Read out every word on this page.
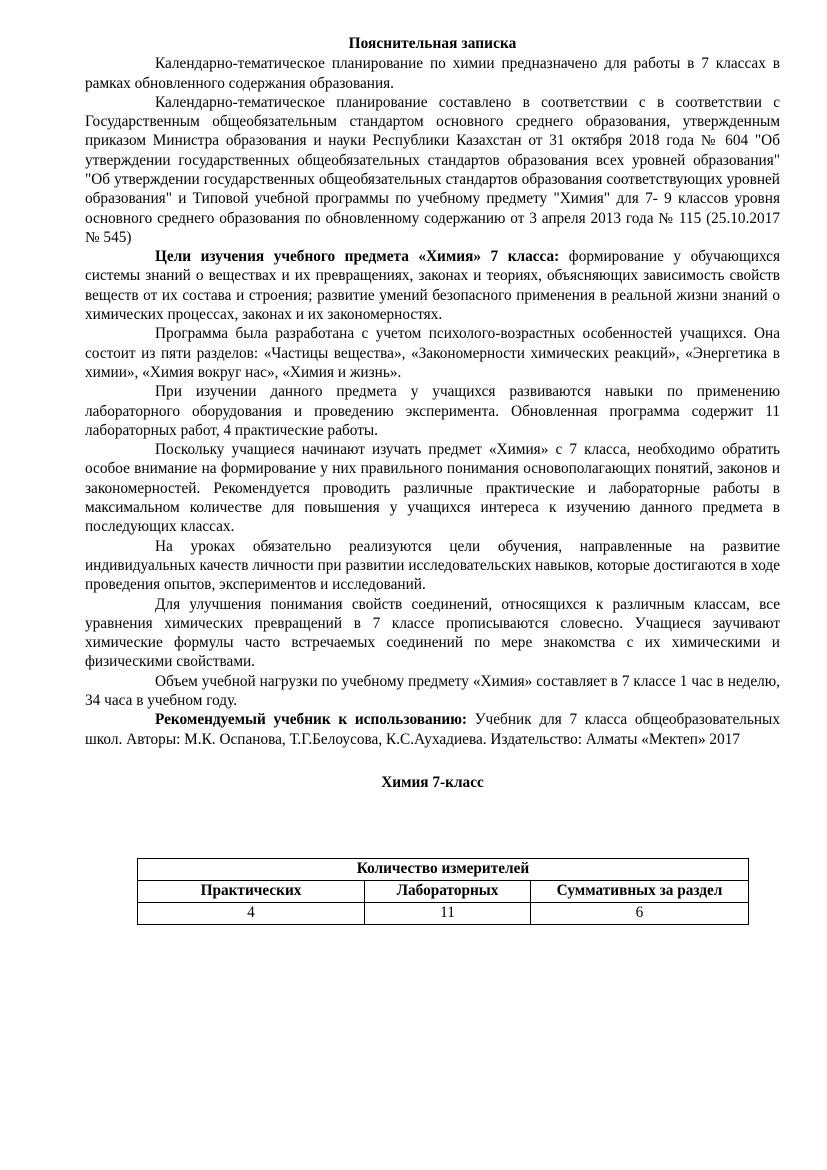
Пояснительная записка

Календарно-тематическое планирование по химии предназначено для работы в 7 классах в рамках обновленного содержания образования.

Календарно-тематическое планирование составлено в соответствии с в соответствии с Государственным общеобязательным стандартом основного среднего образования, утвержденным приказом Министра образования и науки Республики Казахстан от 31 октября 2018 года № 604 "Об утверждении государственных общеобязательных стандартов образования всех уровней образования" "Об утверждении государственных общеобязательных стандартов образования соответствующих уровней образования" и Типовой учебной программы по учебному предмету "Химия" для 7- 9 классов уровня основного среднего образования по обновленному содержанию от 3 апреля 2013 года № 115 (25.10.2017 № 545)

Цели изучения учебного предмета «Химия» 7 класса: формирование у обучающихся системы знаний о веществах и их превращениях, законах и теориях, объясняющих зависимость свойств веществ от их состава и строения; развитие умений безопасного применения в реальной жизни знаний о химических процессах, законах и их закономерностях.

Программа была разработана с учетом психолого-возрастных особенностей учащихся. Она состоит из пяти разделов: «Частицы вещества», «Закономерности химических реакций», «Энергетика в химии», «Химия вокруг нас», «Химия и жизнь».

При изучении данного предмета у учащихся развиваются навыки по применению лабораторного оборудования и проведению эксперимента. Обновленная программа содержит 11 лабораторных работ, 4 практические работы.

Поскольку учащиеся начинают изучать предмет «Химия» с 7 класса, необходимо обратить особое внимание на формирование у них правильного понимания основополагающих понятий, законов и закономерностей. Рекомендуется проводить различные практические и лабораторные работы в максимальном количестве для повышения у учащихся интереса к изучению данного предмета в последующих классах.

На уроках обязательно реализуются цели обучения, направленные на развитие индивидуальных качеств личности при развитии исследовательских навыков, которые достигаются в ходе проведения опытов, экспериментов и исследований.

Для улучшения понимания свойств соединений, относящихся к различным классам, все уравнения химических превращений в 7 классе прописываются словесно. Учащиеся заучивают химические формулы часто встречаемых соединений по мере знакомства с их химическими и физическими свойствами.

Объем учебной нагрузки по учебному предмету «Химия» составляет в 7 классе 1 час в неделю, 34 часа в учебном году.

Рекомендуемый учебник к использованию: Учебник для 7 класса общеобразовательных школ. Авторы: М.К. Оспанова, Т.Г.Белоусова, К.С.Аухадиева. Издательство: Алматы «Мектеп» 2017

Химия 7-класс
Количество измерителей		
Практических	Лабораторных	Суммативных за раздел
4	11	6
